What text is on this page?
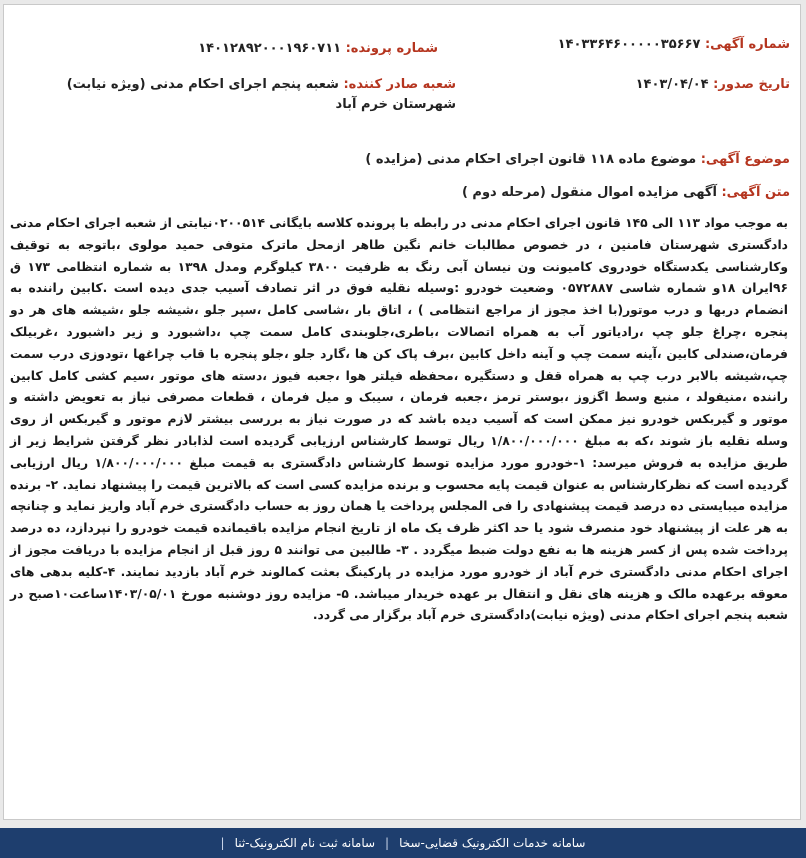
شماره آگهی: ۱۴۰۳۳۶۴۶۰۰۰۰۰۳۵۶۶۷
شماره پرونده: ۱۴۰۱۲۸۹۲۰۰۰۱۹۶۰۷۱۱
تاریخ صدور: ۱۴۰۳/۰۴/۰۴
شعبه صادر کننده: شعبه پنجم اجرای احکام مدنی (ویژه نیابت) شهرستان خرم آباد
موضوع آگهی: موضوع ماده ۱۱۸ قانون اجرای احکام مدنی (مزایده )
متن آگهی: آگهی مزایده اموال منقول (مرحله دوم )
به موجب مواد ۱۱۳ الی ۱۴۵ قانون اجرای احکام مدنی در رابطه با پرونده کلاسه بایگانی ۰۲۰۰۵۱۴نیابتی از شعبه اجرای احکام مدنی دادگستری شهرستان فامنین ، در خصوص مطالبات خانم نگین طاهر ازمحل ماترک متوفی حمید مولوی ،باتوجه به توقیف وکارشناسی یکدستگاه خودروی کامیونت ون نیسان آبی رنگ به ظرفیت ۳۸۰۰ کیلوگرم ومدل ۱۳۹۸ به شماره انتظامی ۱۷۳ ق ۹۶ایران ۱۸و شماره شاسی ۰۵۷۲۸۸۷ وضعیت خودرو :وسیله نقلیه فوق در اثر تصادف آسیب جدی دیده است .کابین راننده به انضمام دربها و درب موتور(با اخذ مجوز از مراجع انتظامی ) ، اتاق بار ،شاسی کامل ،سپر جلو ،شیشه جلو ،شیشه های هر دو پنجره ،چراغ جلو چپ ،رادیاتور آب به همراه اتصالات ،باطری،جلوبندی کامل سمت چپ ،داشبورد و زیر داشبورد ،غربیلک فرمان،صندلی کابین ،آینه سمت چپ و آینه داخل کابین ،برف پاک کن ها ،گارد جلو ،جلو پنجره با قاب چراغها ،تودوزی درب سمت چپ،شیشه بالابر درب چپ به همراه قفل و دستگیره ،محفظه فیلتر هوا ،جعبه فیوز ،دسته های موتور ،سیم کشی کامل کابین راننده ،منیفولد ، منبع وسط اگزوز ،بوستر ترمز ،جعبه فرمان ، سیبک و میل فرمان ، قطعات مصرفی نیاز به تعویض داشته و موتور و گیربکس خودرو نیز ممکن است که آسیب دیده باشد که در صورت نیاز به بررسی بیشتر لازم موتور و گیربکس از روی وسله نقلیه باز شوند ،که به مبلغ ۱/۸۰۰/۰۰۰/۰۰۰ ریال توسط کارشناس ارزیابی گردیده است لذابادر نظر گرفتن شرایط زیر از طریق مزایده به فروش میرسد: ۱-خودرو مورد مزایده توسط کارشناس دادگستری به قیمت مبلغ ۱/۸۰۰/۰۰۰/۰۰۰ ریال ارزیابی گردیده است که نظرکارشناس به عنوان قیمت پایه محسوب و برنده مزایده کسی است که بالاترین قیمت را پیشنهاد نماید. ۲- برنده مزایده میبایستی ده درصد قیمت پیشنهادی را فی المجلس پرداخت یا همان روز به حساب دادگستری خرم آباد واریز نماید و چنانچه به هر علت از پیشنهاد خود منصرف شود یا حد اکثر ظرف یک ماه از تاریخ انجام مزایده باقیمانده قیمت خودرو را نپردازد، ده درصد پرداخت شده پس از کسر هزینه ها به نفع دولت ضبط میگردد . ۳- طالبین می توانند ۵ روز قبل از انجام مزایده با دریافت مجوز از اجرای احکام مدنی دادگستری خرم آباد از خودرو مورد مزایده در پارکینگ بعثت کمالوند خرم آباد بازدید نمایند. ۴-کلیه بدهی های معوقه برعهده مالک و هزینه های نقل و انتقال بر عهده خریدار میباشد. ۵- مزایده روز دوشنبه مورخ ۱۴۰۳/۰۵/۰۱ساعت۱۰صبح در شعبه پنجم اجرای احکام مدنی (ویژه نیابت)دادگستری خرم آباد برگزار می گردد.
سامانه خدمات الکترونیک قضایی-سخا
|
سامانه ثبت نام الکترونیک-ثنا
|
